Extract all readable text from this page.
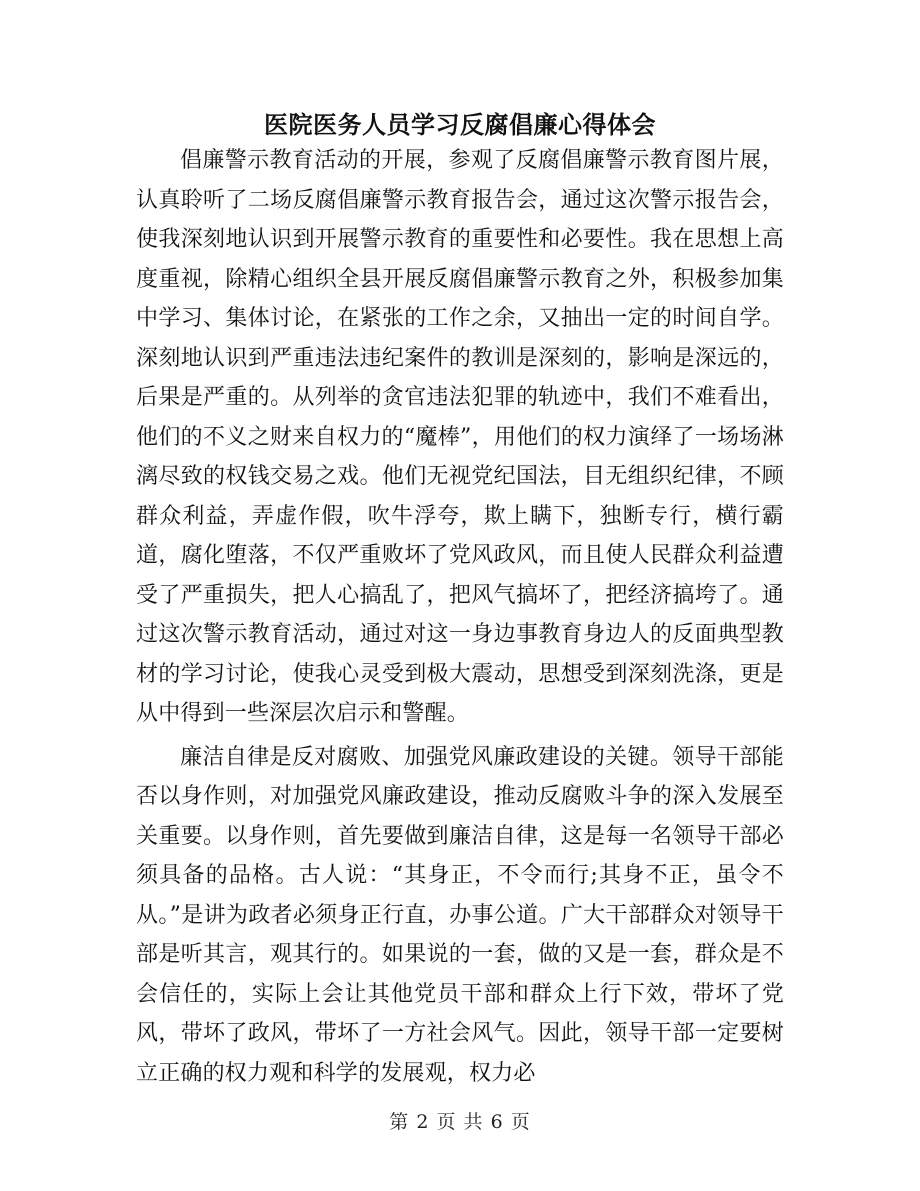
医院医务人员学习反腐倡廉心得体会

倡廉警示教育活动的开展，参观了反腐倡廉警示教育图片展，认真聆听了二场反腐倡廉警示教育报告会，通过这次警示报告会，使我深刻地认识到开展警示教育的重要性和必要性。我在思想上高度重视，除精心组织全县开展反腐倡廉警示教育之外，积极参加集中学习、集体讨论，在紧张的工作之余，又抽出一定的时间自学。深刻地认识到严重违法违纪案件的教训是深刻的，影响是深远的，后果是严重的。从列举的贪官违法犯罪的轨迹中，我们不难看出，他们的不义之财来自权力的“魔棒”，用他们的权力演绎了一场场淋漓尽致的权钱交易之戏。他们无视党纪国法，目无组织纪律，不顾群众利益，弄虚作假，吹牛浮夸，欺上瞒下，独断专行，横行霸道，腐化堕落，不仅严重败坏了党风政风，而且使人民群众利益遭受了严重损失，把人心搞乱了，把风气搞坏了，把经济搞垮了。通过这次警示教育活动，通过对这一身边事教育身边人的反面典型教材的学习讨论，使我心灵受到极大震动，思想受到深刻洗涤，更是从中得到一些深层次启示和警醒。

廉洁自律是反对腐败、加强党风廉政建设的关键。领导干部能否以身作则，对加强党风廉政建设，推动反腐败斗争的深入发展至关重要。以身作则，首先要做到廉洁自律，这是每一名领导干部必须具备的品格。古人说：“其身正，不令而行;其身不正，虽令不从。”是讲为政者必须身正行直，办事公道。广大干部群众对领导干部是听其言，观其行的。如果说的一套，做的又是一套，群众是不会信任的，实际上会让其他党员干部和群众上行下效，带坏了党风，带坏了政风，带坏了一方社会风气。因此，领导干部一定要树立正确的权力观和科学的发展观，权力必

第 2 页 共 6 页
